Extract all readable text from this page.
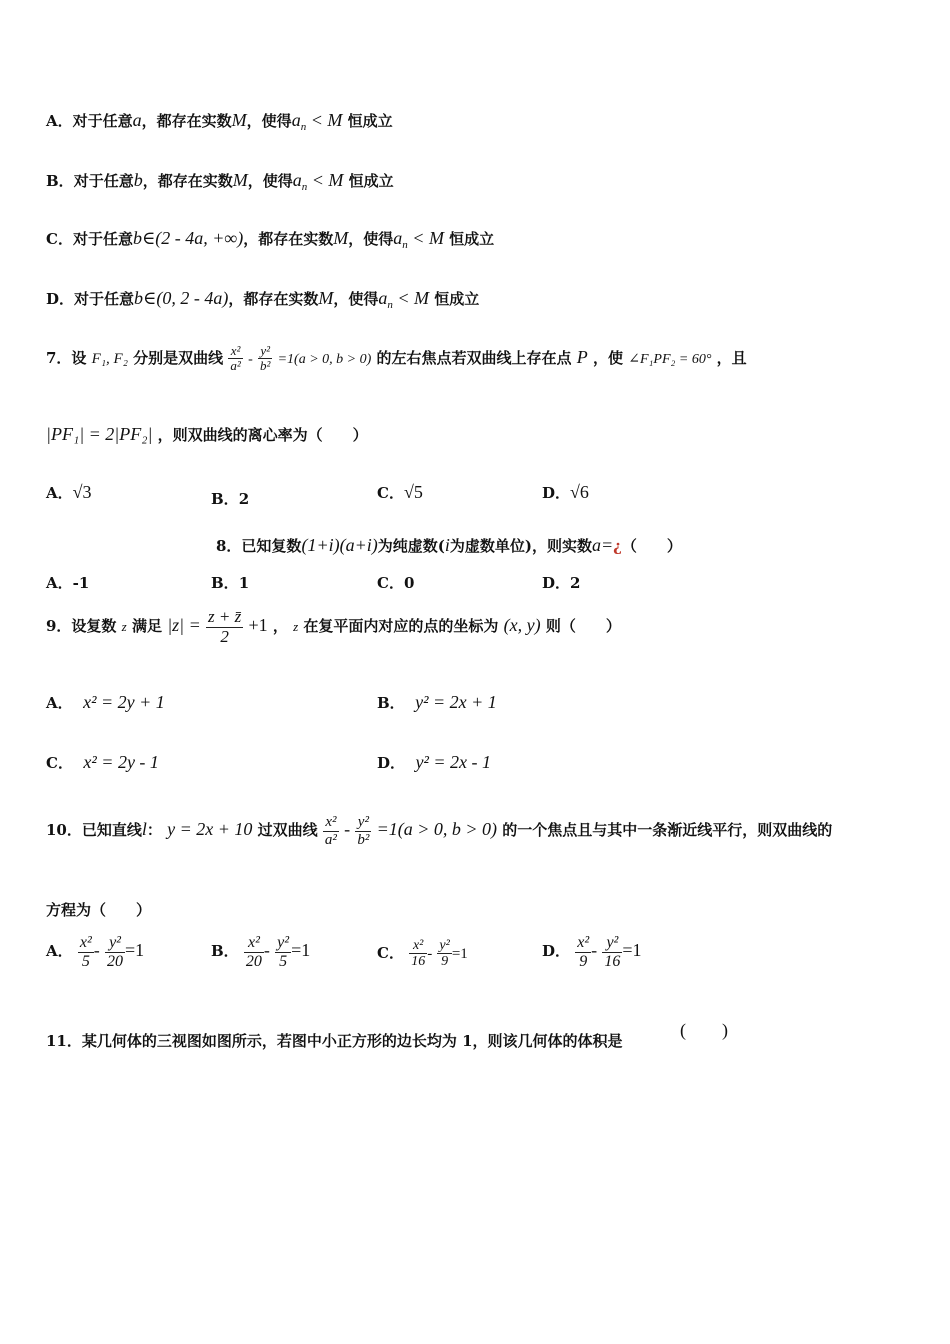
A．对于任意a，都存在实数M，使得$a_n < M$ 恒成立
B．对于任意b，都存在实数M，使得$a_n < M$ 恒成立
C．对于任意b∈(2 - 4a, +∞)，都存在实数M，使得$a_n < M$ 恒成立
D．对于任意b∈(0, 2 - 4a)，都存在实数M，使得$a_n < M$ 恒成立
7．设 F₁, F₂ 分别是双曲线 $\frac{\text{x²}}{\text{a²}} - \frac{\text{y²}}{\text{b²}} =1(a > 0$, b > 0) 的左右焦点若双曲线上存在点 P ，使 ∠F₁PF₂ = 60° ，且
|PF₁| = 2|PF₂| ，则双曲线的离心率为（　　）
A．√3	B．2	C．√5	D．√6
8．已知复数(1+i)(a+i)为纯虚数(i为虚数单位)，则实数a=¿（　　）
A．-1	B．1	C．0	D．2
9．设复数 z 满足 $|z| = \frac{z + z̄}{2} +1$ ， z 在复平面内对应的点的坐标为 (x, y) 则（　　）
A． x² = 2y + 1	B． y² = 2x + 1
C． x² = 2y - 1	D． y² = 2x - 1
10．已知直线l： y = 2x + 10 过双曲线 $\frac{\text{x²}}{\text{a²}} - \frac{\text{y²}}{\text{b²}} =1(a > 0$, b > 0) 的一个焦点且与其中一条渐近线平行，则双曲线的
方程为（　　）
A． $\frac{\text{x²}}{5} - \frac{\text{y²}}{20} =1$	B． $\frac{\text{x²}}{20} - \frac{\text{y²}}{5} =1$	C． $\frac{\text{x²}}{16} - \frac{\text{y²}}{9} =1$	D． $\frac{\text{x²}}{9} - \frac{\text{y²}}{16} =1$
11．某几何体的三视图如图所示，若图中小正方形的边长均为 1，则该几何体的体积是
(　　)
